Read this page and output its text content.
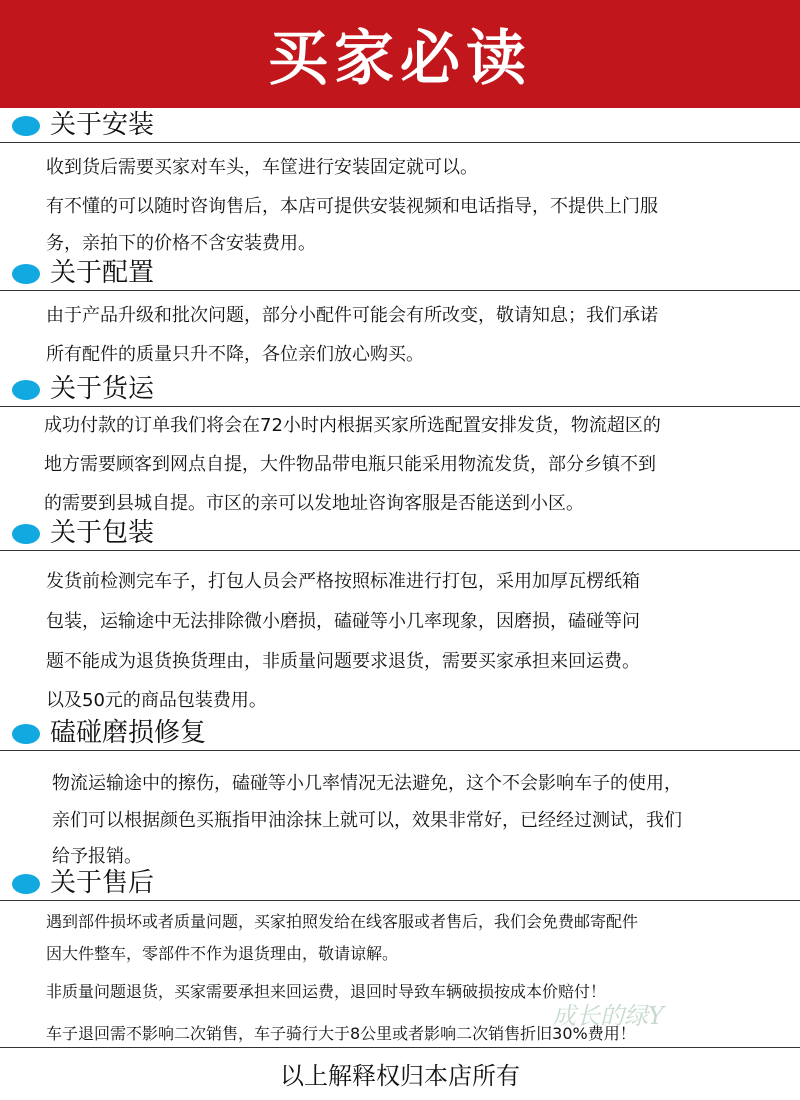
买家必读
关于安装
收到货后需要买家对车头，车筐进行安装固定就可以。
有不懂的可以随时咨询售后，本店可提供安装视频和电话指导，不提供上门服
务，亲拍下的价格不含安装费用。
关于配置
由于产品升级和批次问题，部分小配件可能会有所改变，敬请知息；我们承诺
所有配件的质量只升不降，各位亲们放心购买。
关于货运
成功付款的订单我们将会在72小时内根据买家所选配置安排发货，物流超区的
地方需要顾客到网点自提，大件物品带电瓶只能采用物流发货，部分乡镇不到
的需要到县城自提。市区的亲可以发地址咨询客服是否能送到小区。
关于包装
发货前检测完车子，打包人员会严格按照标准进行打包，采用加厚瓦楞纸箱
包装，运输途中无法排除微小磨损，磕碰等小几率现象，因磨损，磕碰等问
题不能成为退货换货理由，非质量问题要求退货，需要买家承担来回运费。
以及50元的商品包装费用。
磕碰磨损修复
物流运输途中的擦伤，磕碰等小几率情况无法避免，这个不会影响车子的使用，
亲们可以根据颜色买瓶指甲油涂抹上就可以，效果非常好，已经经过测试，我们
给予报销。
关于售后
遇到部件损坏或者质量问题，买家拍照发给在线客服或者售后，我们会免费邮寄配件
因大件整车，零部件不作为退货理由，敬请谅解。
非质量问题退货，买家需要承担来回运费，退回时导致车辆破损按成本价赔付！
车子退回需不影响二次销售，车子骑行大于8公里或者影响二次销售折旧30%费用！
成长的绿Y
以上解释权归本店所有
